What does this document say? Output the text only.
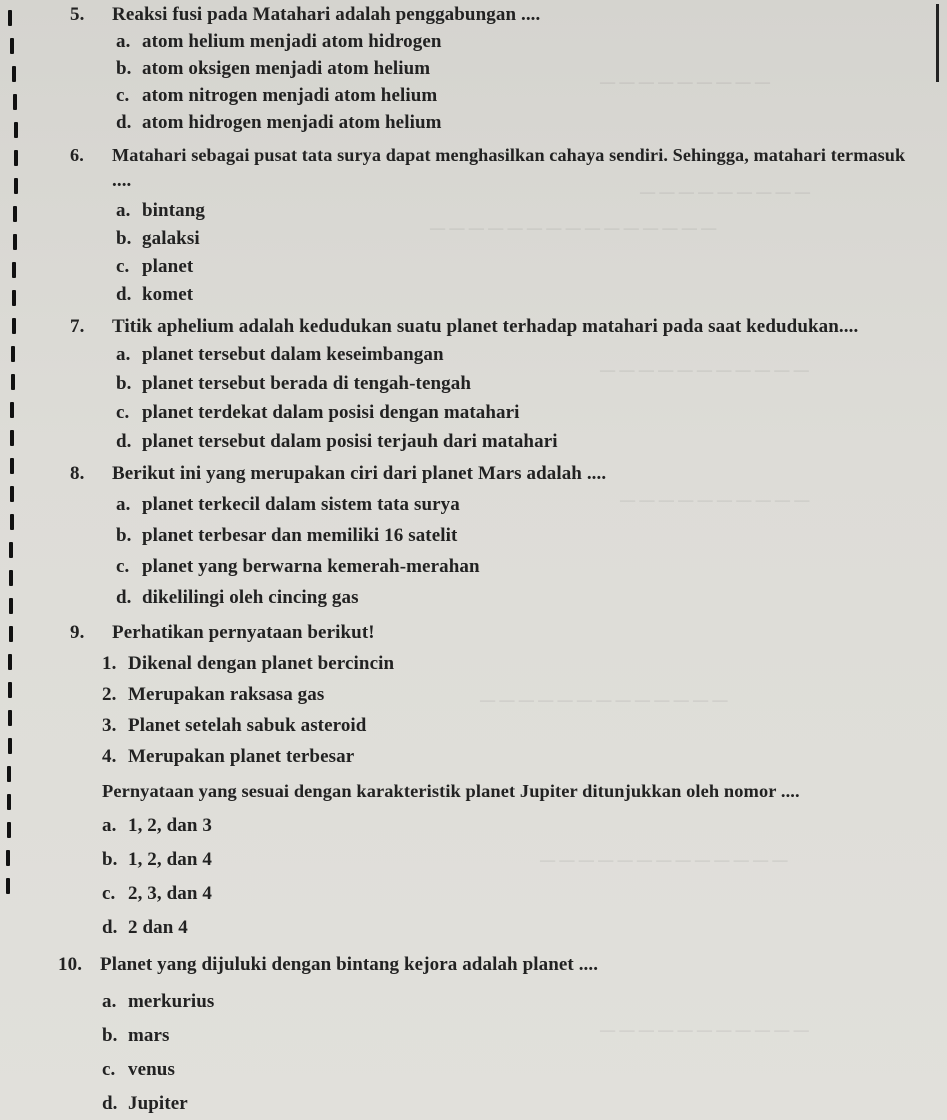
— — — — — — — — —
— — — — — — — — —
— — — — — — — — — — — — — — —
— — — — — — — — — — —
— — — — — — — — — —
— — — — — — — — — — — — —
— — — — — — — — — — — — —
— — — — — — — — — — —
5. Reaksi fusi pada Matahari adalah penggabungan ....
a. atom helium menjadi atom hidrogen
b. atom oksigen menjadi atom helium
c. atom nitrogen menjadi atom helium
d. atom hidrogen menjadi atom helium
6. Matahari sebagai pusat tata surya dapat menghasilkan cahaya sendiri. Sehingga, matahari termasuk
....
a. bintang
b. galaksi
c. planet
d. komet
7. Titik aphelium adalah kedudukan suatu planet terhadap matahari pada saat kedudukan....
a. planet tersebut dalam keseimbangan
b. planet tersebut berada di tengah-tengah
c. planet terdekat dalam posisi dengan matahari
d. planet tersebut dalam posisi terjauh dari matahari
8. Berikut ini yang merupakan ciri dari planet Mars adalah ....
a. planet terkecil dalam sistem tata surya
b. planet terbesar dan memiliki 16 satelit
c. planet yang berwarna kemerah-merahan
d. dikelilingi oleh cincing gas
9. Perhatikan pernyataan berikut!
1. Dikenal dengan planet bercincin
2. Merupakan raksasa gas
3. Planet setelah sabuk asteroid
4. Merupakan planet terbesar
Pernyataan yang sesuai dengan karakteristik planet Jupiter ditunjukkan oleh nomor ....
a. 1, 2, dan 3
b. 1, 2, dan 4
c. 2, 3, dan 4
d. 2 dan 4
10. Planet yang dijuluki dengan bintang kejora adalah planet ....
a. merkurius
b. mars
c. venus
d. Jupiter
